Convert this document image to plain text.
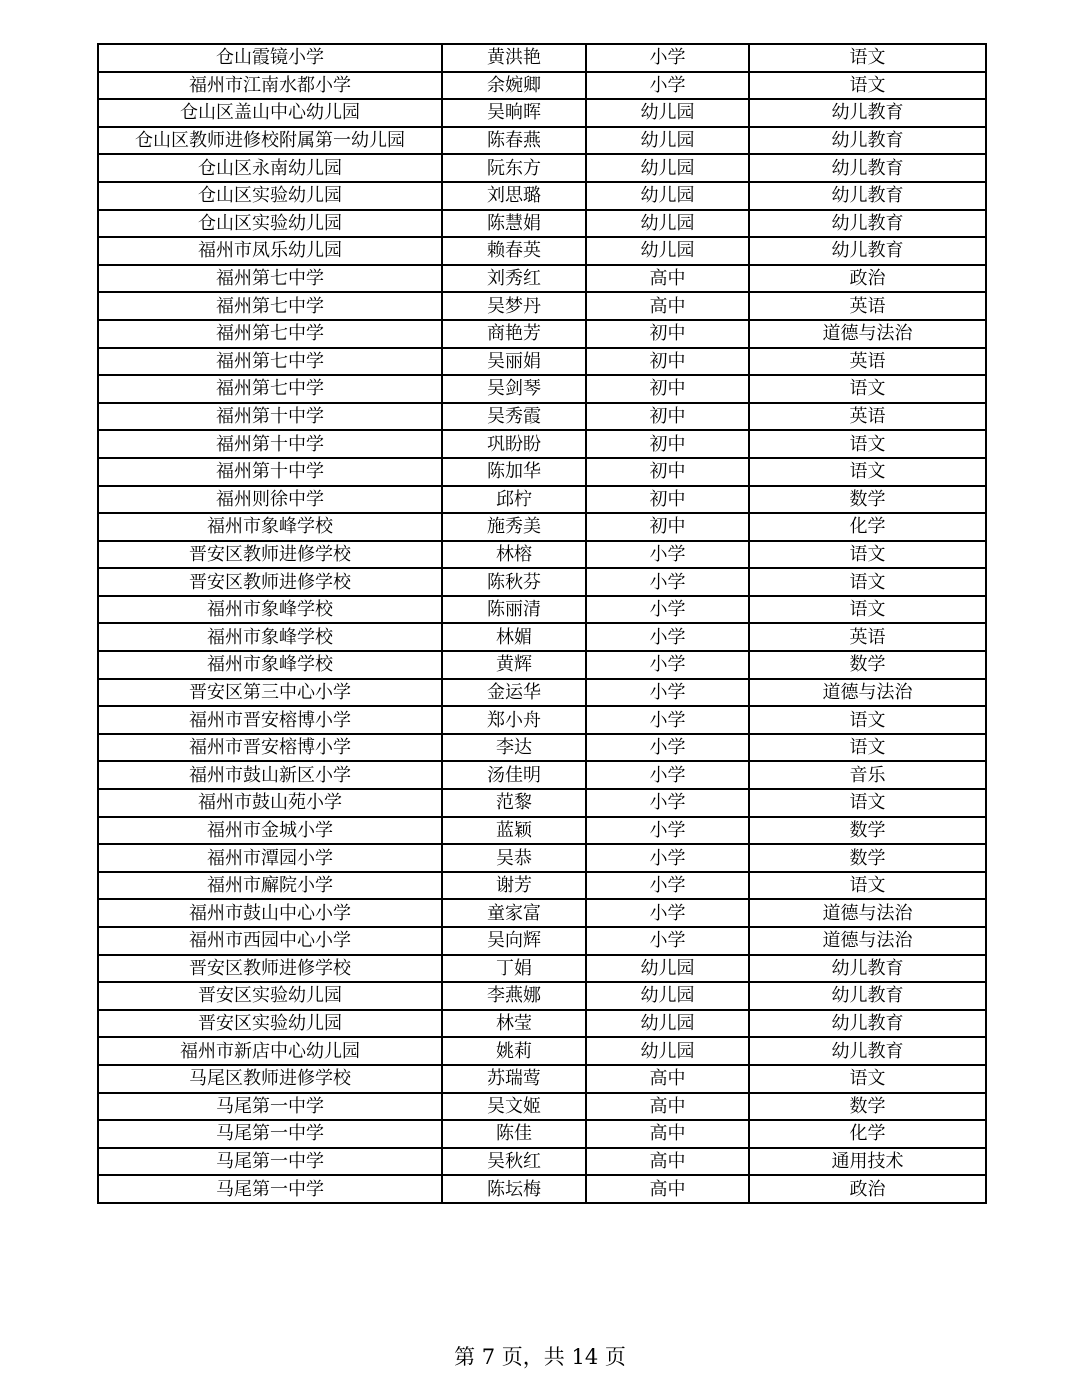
仓山霞镜小学	黄洪艳	小学	语文
福州市江南水都小学	余婉卿	小学	语文
仓山区盖山中心幼儿园	吴晌晖	幼儿园	幼儿教育
仓山区教师进修校附属第一幼儿园	陈春燕	幼儿园	幼儿教育
仓山区永南幼儿园	阮东方	幼儿园	幼儿教育
仓山区实验幼儿园	刘思璐	幼儿园	幼儿教育
仓山区实验幼儿园	陈慧娟	幼儿园	幼儿教育
福州市凤乐幼儿园	赖春英	幼儿园	幼儿教育
福州第七中学	刘秀红	高中	政治
福州第七中学	吴梦丹	高中	英语
福州第七中学	商艳芳	初中	道德与法治
福州第七中学	吴丽娟	初中	英语
福州第七中学	吴剑琴	初中	语文
福州第十中学	吴秀霞	初中	英语
福州第十中学	巩盼盼	初中	语文
福州第十中学	陈加华	初中	语文
福州则徐中学	邱柠	初中	数学
福州市象峰学校	施秀美	初中	化学
晋安区教师进修学校	林榕	小学	语文
晋安区教师进修学校	陈秋芬	小学	语文
福州市象峰学校	陈丽清	小学	语文
福州市象峰学校	林媚	小学	英语
福州市象峰学校	黄辉	小学	数学
晋安区第三中心小学	金运华	小学	道德与法治
福州市晋安榕博小学	郑小舟	小学	语文
福州市晋安榕博小学	李达	小学	语文
福州市鼓山新区小学	汤佳明	小学	音乐
福州市鼓山苑小学	范黎	小学	语文
福州市金城小学	蓝颖	小学	数学
福州市潭园小学	吴恭	小学	数学
福州市廨院小学	谢芳	小学	语文
福州市鼓山中心小学	童家富	小学	道德与法治
福州市西园中心小学	吴向辉	小学	道德与法治
晋安区教师进修学校	丁娟	幼儿园	幼儿教育
晋安区实验幼儿园	李燕娜	幼儿园	幼儿教育
晋安区实验幼儿园	林莹	幼儿园	幼儿教育
福州市新店中心幼儿园	姚莉	幼儿园	幼儿教育
马尾区教师进修学校	苏瑞莺	高中	语文
马尾第一中学	吴文姬	高中	数学
马尾第一中学	陈佳	高中	化学
马尾第一中学	吴秋红	高中	通用技术
马尾第一中学	陈坛梅	高中	政治
第 7 页，共 14 页
